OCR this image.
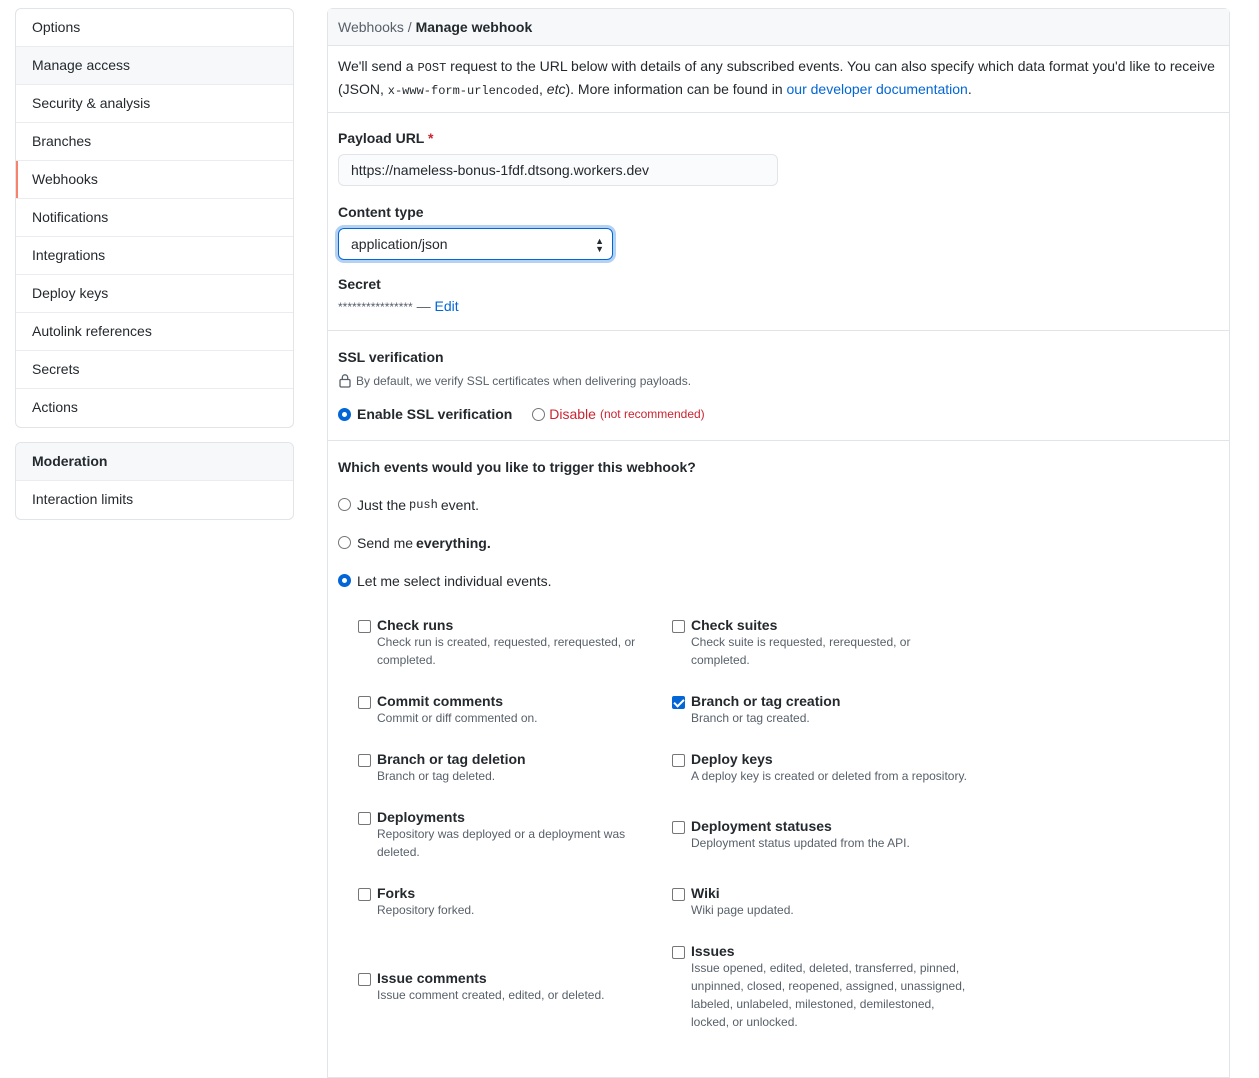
Options
Manage access
Security & analysis
Branches
Webhooks
Notifications
Integrations
Deploy keys
Autolink references
Secrets
Actions
Moderation
Interaction limits
Webhooks / Manage webhook
We'll send a POST request to the URL below with details of any subscribed events. You can also specify which data format you'd like to receive (JSON, x-www-form-urlencoded, etc). More information can be found in our developer documentation.
Payload URL *
https://nameless-bonus-1fdf.dtsong.workers.dev
Content type
application/json	▲
▼
Secret
**************** — Edit
SSL verification
By default, we verify SSL certificates when delivering payloads.
Enable SSL verification
	Disable (not recommended)
Which events would you like to trigger this webhook?
Just the push event.
Send me everything.
Let me select individual events.
Check runs
Check run is created, requested, rerequested, or completed.
Check suites
Check suite is requested, rerequested, or completed.
Commit comments
Commit or diff commented on.
Branch or tag creation
Branch or tag created.
Branch or tag deletion
Branch or tag deleted.
Deploy keys
A deploy key is created or deleted from a repository.
Deployments
Repository was deployed or a deployment was deleted.
Deployment statuses
Deployment status updated from the API.
Forks
Repository forked.
Wiki
Wiki page updated.
Issue comments
Issue comment created, edited, or deleted.
Issues
Issue opened, edited, deleted, transferred, pinned, unpinned, closed, reopened, assigned, unassigned, labeled, unlabeled, milestoned, demilestoned, locked, or unlocked.
